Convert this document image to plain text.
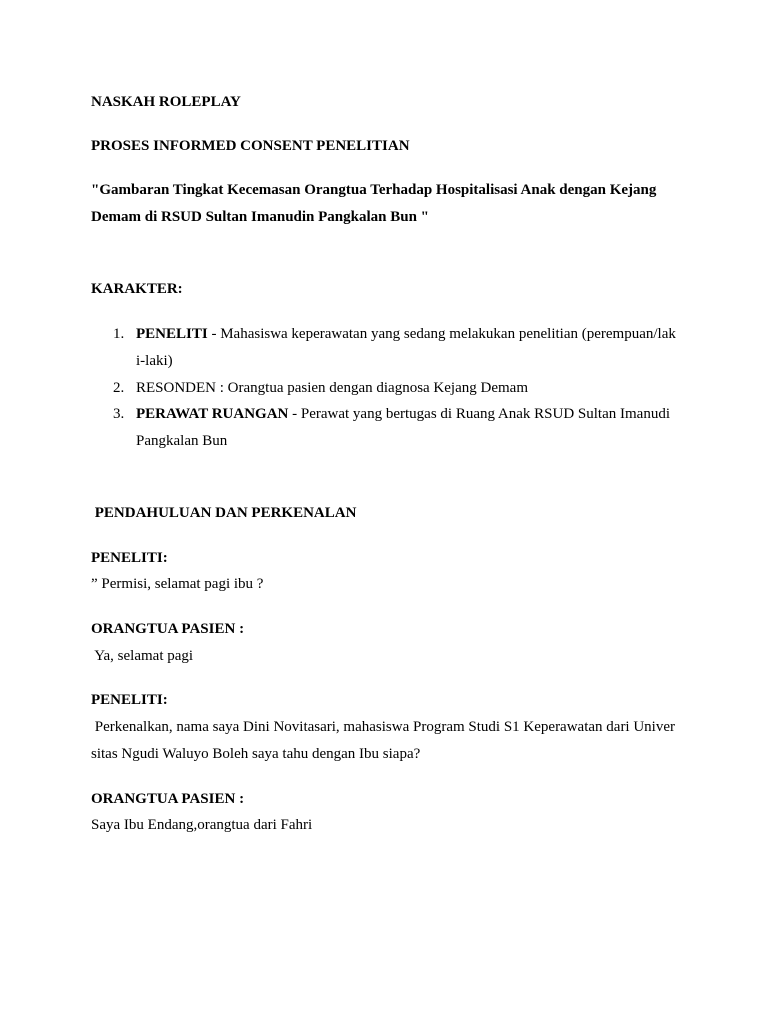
NASKAH ROLEPLAY
PROSES INFORMED CONSENT PENELITIAN
"Gambaran Tingkat Kecemasan Orangtua Terhadap Hospitalisasi Anak dengan Kejang
Demam di RSUD Sultan Imanudin Pangkalan Bun "
KARAKTER:
1. PENELITI - Mahasiswa keperawatan yang sedang melakukan penelitian (perempuan/lak
i-laki)
2. RESONDEN : Orangtua pasien dengan diagnosa Kejang Demam
3. PERAWAT RUANGAN - Perawat yang bertugas di Ruang Anak RSUD Sultan Imanudi
Pangkalan Bun
PENDAHULUAN DAN PERKENALAN
PENELITI:
” Permisi, selamat pagi ibu ?
ORANGTUA PASIEN :
Ya, selamat pagi
PENELITI:
Perkenalkan, nama saya Dini Novitasari, mahasiswa Program Studi S1 Keperawatan dari Univer
sitas Ngudi Waluyo Boleh saya tahu dengan Ibu siapa?
ORANGTUA PASIEN :
Saya Ibu Endang,orangtua dari Fahri
